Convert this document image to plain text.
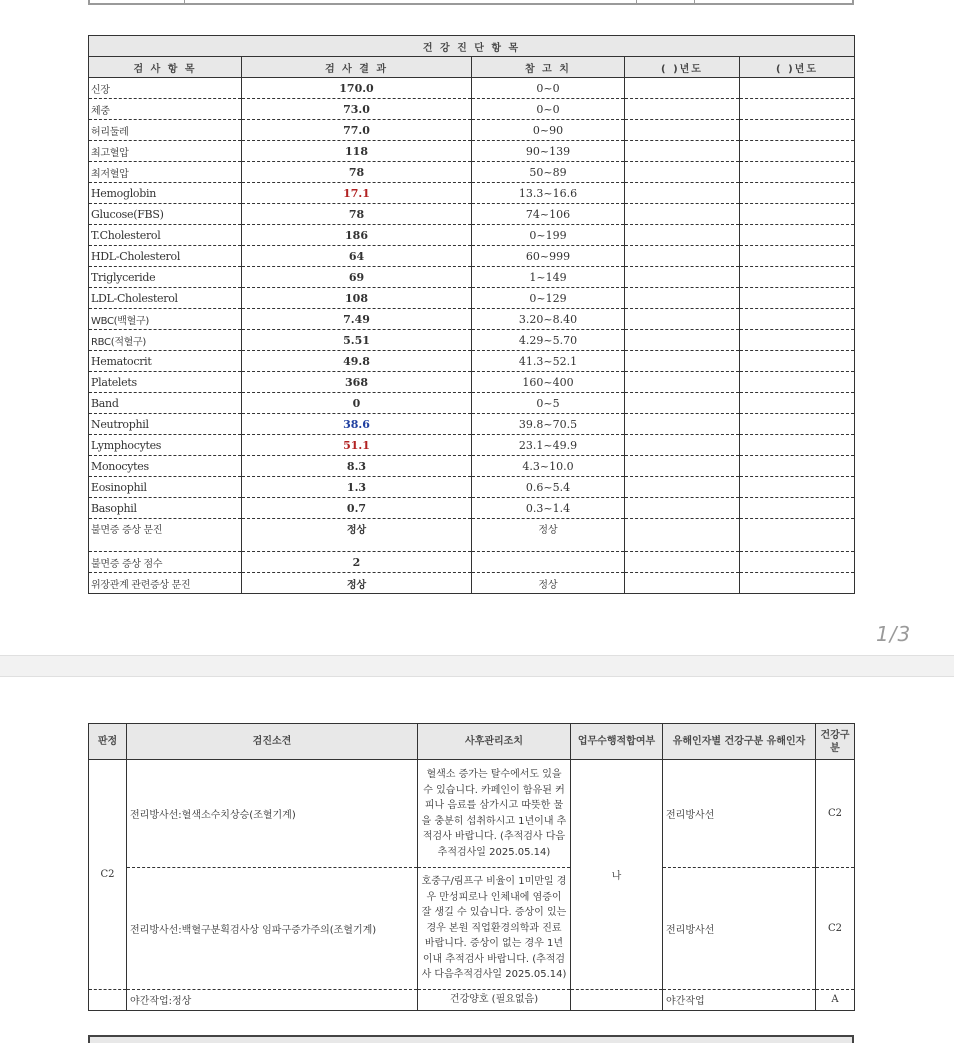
건 강 진 단 항 목				
검 사 항 목	검 사 결 과	참 고 치	( )년도	( )년도
신장	170.0	0~0		
체중	73.0	0~0		
허리둘레	77.0	0~90		
최고혈압	118	90~139		
최저혈압	78	50~89		
Hemoglobin	17.1	13.3~16.6		
Glucose(FBS)	78	74~106		
T.Cholesterol	186	0~199		
HDL-Cholesterol	64	60~999		
Triglyceride	69	1~149		
LDL-Cholesterol	108	0~129		
WBC(백혈구)	7.49	3.20~8.40		
RBC(적혈구)	5.51	4.29~5.70		
Hematocrit	49.8	41.3~52.1		
Platelets	368	160~400		
Band	0	0~5		
Neutrophil	38.6	39.8~70.5		
Lymphocytes	51.1	23.1~49.9		
Monocytes	8.3	4.3~10.0		
Eosinophil	1.3	0.6~5.4		
Basophil	0.7	0.3~1.4		
불면증 증상 문진	정상	정상		
불면증 증상 점수	2			
위장관계 관련증상 문진	정상	정상		
1/3
판정	검진소견	사후관리조치	업무수행적합여부	유해인자별 건강구분 유해인자	건강구분
C2	전리방사선:혈색소수치상승(조혈기계)	혈색소 증가는 탈수에서도 있을 수 있습니다. 카페인이 함유된 커피나 음료를 삼가시고 따뜻한 물을 충분히 섭취하시고 1년이내 추적검사 바랍니다. (추적검사 다음추적검사일 2025.05.14)	나	전리방사선	C2
	전리방사선:백혈구분획검사상 임파구증가주의(조혈기계)	호중구/림프구 비율이 1미만일 경우 만성피로나 인체내에 염증이 잘 생길 수 있습니다. 증상이 있는 경우 본원 직업환경의학과 진료 바랍니다. 증상이 없는 경우 1년이내 추적검사 바랍니다. (추적검사 다음추적검사일 2025.05.14)		전리방사선	C2
	야간작업:정상	건강양호 (필요없음)		야간작업	A
